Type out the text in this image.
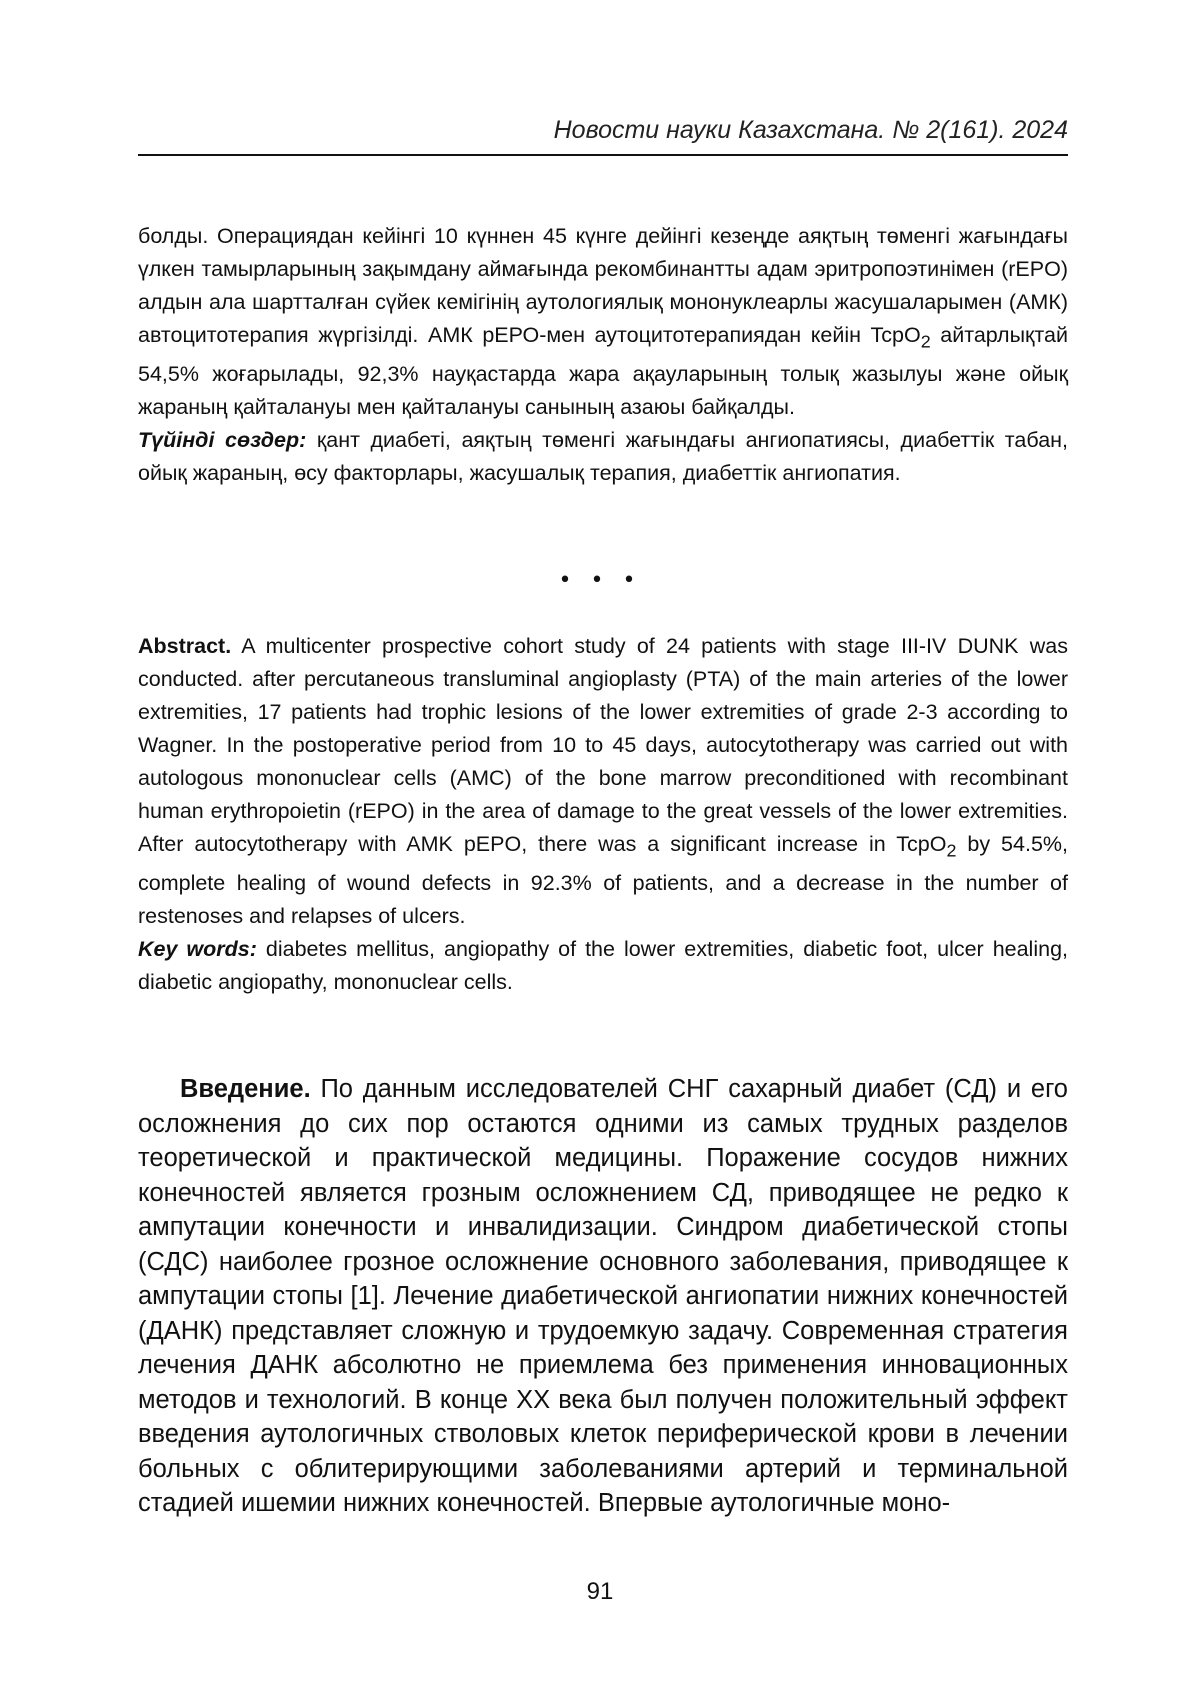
Новости науки Казахстана. № 2(161). 2024

болды. Операциядан кейінгі 10 күннен 45 күнге дейінгі кезеңде аяқтың төменгі жағындағы үлкен тамырларының зақымдану аймағында рекомбинантты адам эритропоэтинімен (rEPO) алдын ала шартталған сүйек кемігінің аутологиялық мононуклеарлы жасушаларымен (АМК) автоцитотерапия жүргізілді. АМК рЕРО-мен аутоцитотерапиядан кейін TcpO$_2$ айтарлықтай 54,5% жоғарылады, 92,3% науқастарда жара ақауларының толық жазылуы және ойық жараның қайталануы мен қайталануы санының азаюы байқалды.

Түйінді сөздер: қант диабеті, аяқтың төменгі жағындағы ангиопатиясы, диабеттік табан, ойық жараның, өсу факторлары, жасушалық терапия, диабеттік ангиопатия.

• • •

Abstract. A multicenter prospective cohort study of 24 patients with stage III-IV DUNK was conducted. after percutaneous transluminal angioplasty (PTA) of the main arteries of the lower extremities, 17 patients had trophic lesions of the lower extremities of grade 2-3 according to Wagner. In the postoperative period from 10 to 45 days, autocytotherapy was carried out with autologous mononuclear cells (AMC) of the bone marrow preconditioned with recombinant human erythropoietin (rEPO) in the area of damage to the great vessels of the lower extremities. After autocytotherapy with AMK pEPO, there was a significant increase in TcpO$_2$ by 54.5%, complete healing of wound defects in 92.3% of patients, and a decrease in the number of restenoses and relapses of ulcers.

Key words: diabetes mellitus, angiopathy of the lower extremities, diabetic foot, ulcer healing, diabetic angiopathy, mononuclear cells.

Введение. По данным исследователей СНГ сахарный диабет (СД) и его осложнения до сих пор остаются одними из самых трудных разделов теоретической и практической медицины. Поражение сосудов нижних конечностей является грозным осложнением СД, приводящее не редко к ампутации конечности и инвалидизации. Синдром диабетической стопы (СДС) наиболее грозное осложнение основного заболевания, приводящее к ампутации стопы [1]. Лечение диабетической ангиопатии нижних конечностей (ДАНК) представляет сложную и трудоемкую задачу. Современная стратегия лечения ДАНК абсолютно не приемлема без применения инновационных методов и технологий. В конце XX века был получен положительный эффект введения аутологичных стволовых клеток периферической крови в лечении больных с облитерирующими заболеваниями артерий и терминальной стадией ишемии нижних конечностей. Впервые аутологичные моно-

91
